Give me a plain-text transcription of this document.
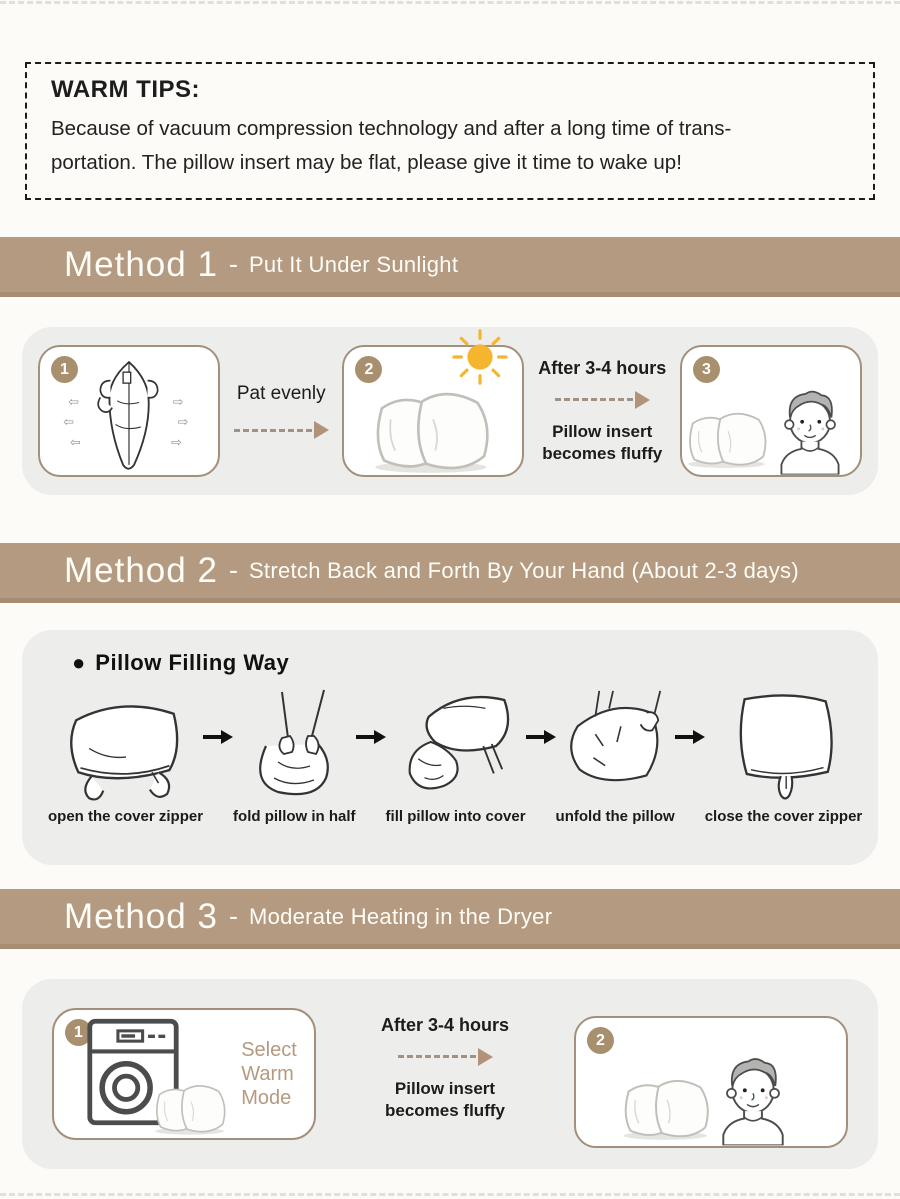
WARM TIPS:
Because of vacuum compression technology and after a long time of trans-
portation. The pillow insert may be flat, please give it time to wake up!
Method 1 - Put It Under Sunlight
1
Pat evenly
2	After 3-4 hours
Pillow insert
becomes fluffy
3
Method 2 - Stretch Back and Forth By Your Hand (About 2-3 days)
● Pillow Filling Way
open the cover zipper fold pillow in half fill pillow into cover unfold the pillow close the cover zipper
Method 3 - Moderate Heating in the Dryer
1
Select
Warm
Mode
After 3-4 hours
Pillow insert
becomes fluffy
2
